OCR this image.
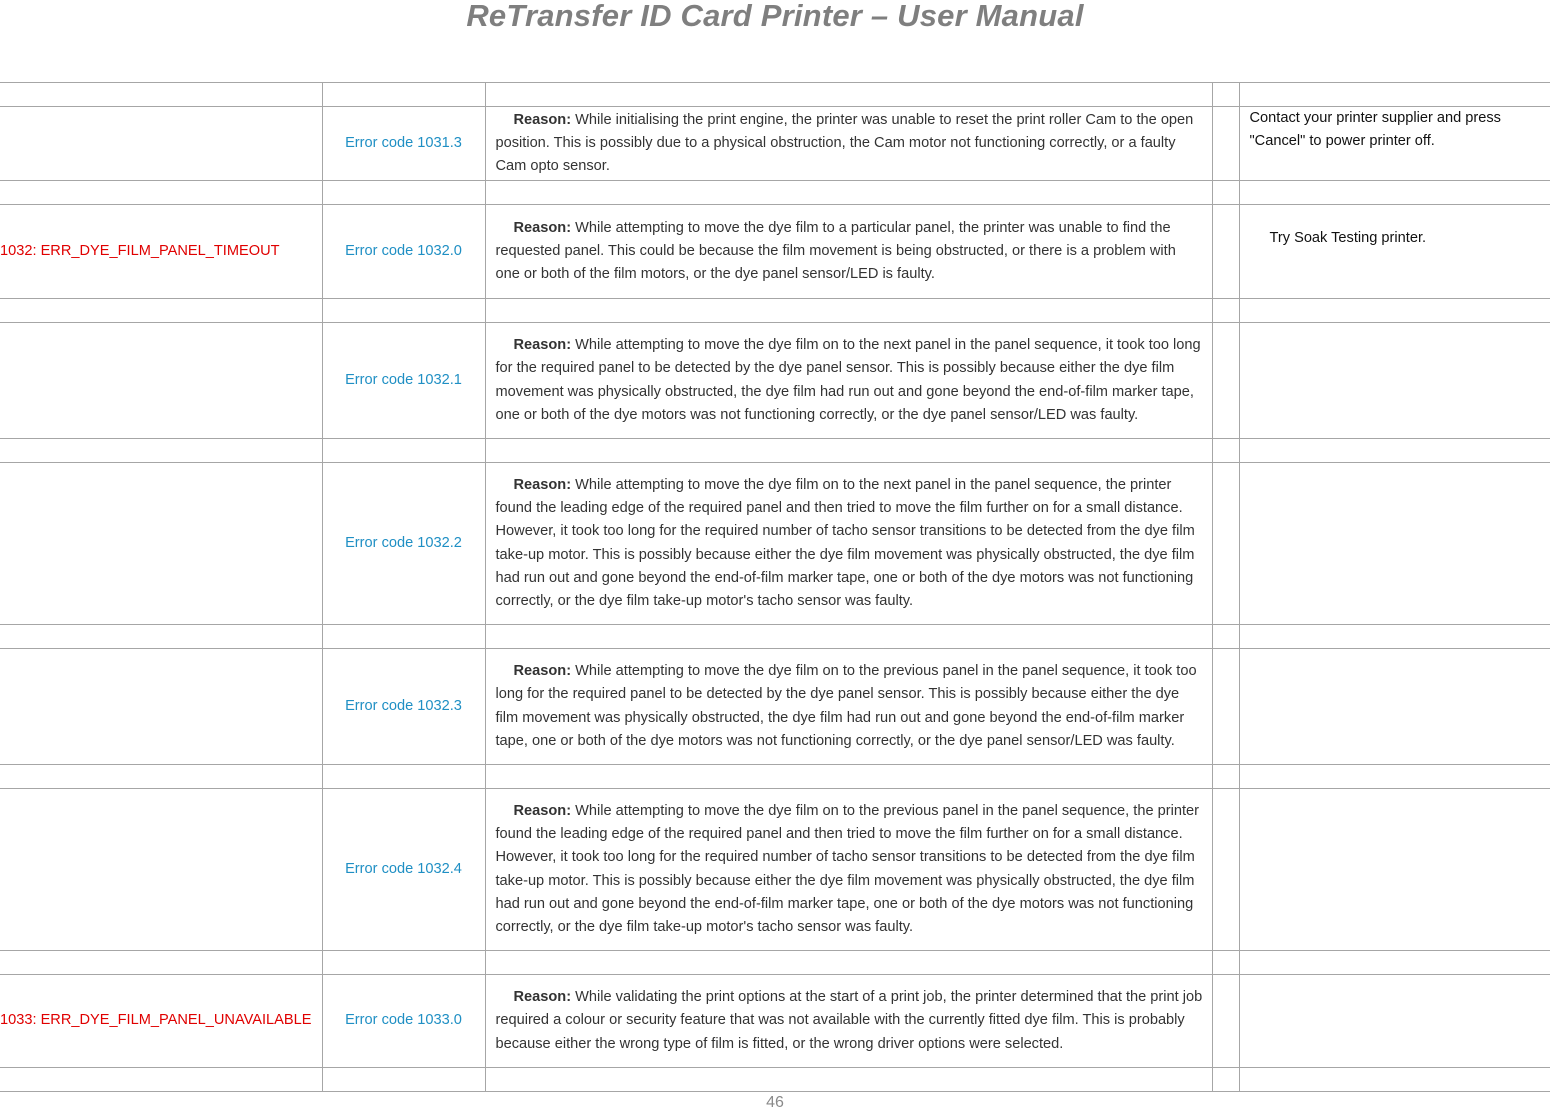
ReTransfer ID Card Printer – User Manual

	Error code 1031.3	Reason: While initialising the print engine, the printer was unable to reset the print roller Cam to the open position. This is possibly due to a physical obstruction, the Cam motor not functioning correctly, or a faulty Cam opto sensor.		Contact your printer supplier and press "Cancel" to power printer off.

1032: ERR_DYE_FILM_PANEL_TIMEOUT	Error code 1032.0	Reason: While attempting to move the dye film to a particular panel, the printer was unable to find the requested panel. This could be because the film movement is being obstructed, or there is a problem with one or both of the film motors, or the dye panel sensor/LED is faulty.		Try Soak Testing printer.

	Error code 1032.1	Reason: While attempting to move the dye film on to the next panel in the panel sequence, it took too long for the required panel to be detected by the dye panel sensor. This is possibly because either the dye film movement was physically obstructed, the dye film had run out and gone beyond the end-of-film marker tape, one or both of the dye motors was not functioning correctly, or the dye panel sensor/LED was faulty.		

	Error code 1032.2	Reason: While attempting to move the dye film on to the next panel in the panel sequence, the printer found the leading edge of the required panel and then tried to move the film further on for a small distance. However, it took too long for the required number of tacho sensor transitions to be detected from the dye film take-up motor. This is possibly because either the dye film movement was physically obstructed, the dye film had run out and gone beyond the end-of-film marker tape, one or both of the dye motors was not functioning correctly, or the dye film take-up motor's tacho sensor was faulty.		

	Error code 1032.3	Reason: While attempting to move the dye film on to the previous panel in the panel sequence, it took too long for the required panel to be detected by the dye panel sensor. This is possibly because either the dye film movement was physically obstructed, the dye film had run out and gone beyond the end-of-film marker tape, one or both of the dye motors was not functioning correctly, or the dye panel sensor/LED was faulty.		

	Error code 1032.4	Reason: While attempting to move the dye film on to the previous panel in the panel sequence, the printer found the leading edge of the required panel and then tried to move the film further on for a small distance. However, it took too long for the required number of tacho sensor transitions to be detected from the dye film take-up motor. This is possibly because either the dye film movement was physically obstructed, the dye film had run out and gone beyond the end-of-film marker tape, one or both of the dye motors was not functioning correctly, or the dye film take-up motor's tacho sensor was faulty.		

1033: ERR_DYE_FILM_PANEL_UNAVAILABLE	Error code 1033.0	Reason: While validating the print options at the start of a print job, the printer determined that the print job required a colour or security feature that was not available with the currently fitted dye film. This is probably because either the wrong type of film is fitted, or the wrong driver options were selected.		

46
